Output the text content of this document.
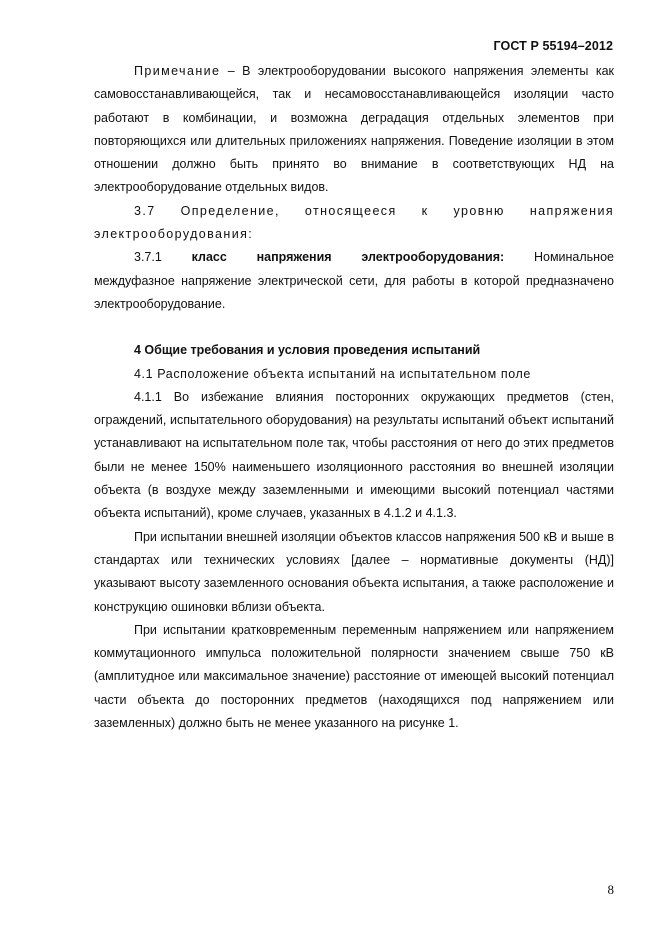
ГОСТ Р 55194–2012

Примечание – В электрооборудовании высокого напряжения элементы как самовосстанавливающейся, так и несамовосстанавливающейся изоляции часто работают в комбинации, и возможна деградация отдельных элементов при повторяющихся или длительных приложениях напряжения. Поведение изоляции в этом отношении должно быть принято во внимание в соответствующих НД на электрооборудование отдельных видов.

3.7 Определение, относящееся к уровню напряжения электрооборудования:

3.7.1 класс напряжения электрооборудования: Номинальное

междуфазное напряжение электрической сети, для работы в которой предназначено электрооборудование.

4 Общие требования и условия проведения испытаний

4.1 Расположение объекта испытаний на испытательном поле

4.1.1 Во избежание влияния посторонних окружающих предметов (стен, ограждений, испытательного оборудования) на результаты испытаний объект испытаний устанавливают на испытательном поле так, чтобы расстояния от него до этих предметов были не менее 150% наименьшего изоляционного расстояния во внешней изоляции объекта (в воздухе между заземленными и имеющими высокий потенциал частями объекта испытаний), кроме случаев, указанных в 4.1.2 и 4.1.3.

При испытании внешней изоляции объектов классов напряжения 500 кВ и выше в стандартах или технических условиях [далее – нормативные документы (НД)] указывают высоту заземленного основания объекта испытания, а также расположение и конструкцию ошиновки вблизи объекта.

При испытании кратковременным переменным напряжением или напряжением коммутационного импульса положительной полярности значением свыше 750 кВ (амплитудное или максимальное значение) расстояние от имеющей высокий потенциал части объекта до посторонних предметов (находящихся под напряжением или заземленных) должно быть не менее указанного на рисунке 1.

8
